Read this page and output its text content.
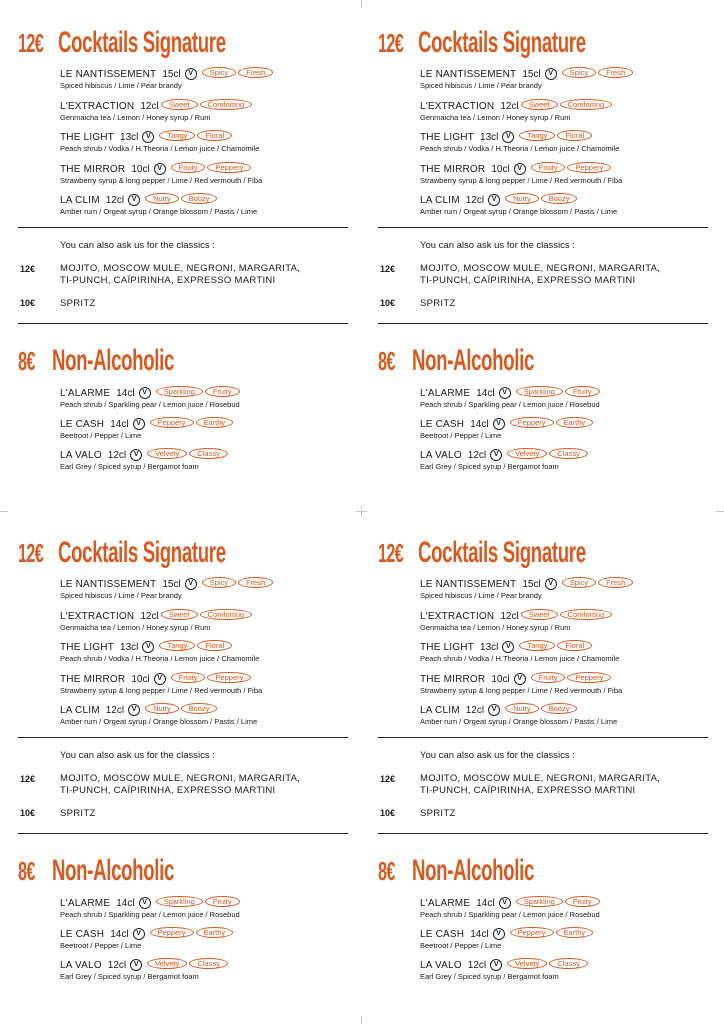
12€ Cocktails Signature
LE NANTISSEMENT 15cl V Spicy Fresh
Spiced hibiscus / Lime / Pear brandy
L'EXTRACTION 12cl Sweet Comforting
Genmaicha tea / Lemon / Honey syrup / Rum
THE LIGHT 13cl V Tangy Floral
Peach shrub / Vodka / H.Theoria / Lemon juice / Chamomile
THE MIRROR 10cl V Fruity Peppery
Strawberry syrup & long pepper / Lime / Red vermouth / Fiba
LA CLIM 12cl V Nutty Boozy
Amber rum / Orgeat syrup / Orange blossom / Pastis / Lime
You can also ask us for the classics :
12€	MOJITO, MOSCOW MULE, NEGRONI, MARGARITA,
TI-PUNCH, CAÏPIRINHA, EXPRESSO MARTINI
10€	SPRITZ
8€ Non-Alcoholic
L'ALARME 14cl V Sparkling Fruity
Peach shrub / Sparkling pear / Lemon juice / Rosebud
LE CASH 14cl V Peppery Earthy
Beetroot / Pepper / Lime
LA VALO 12cl V Velvety Classy
Earl Grey / Spiced syrup / Bergamot foam
12€ Cocktails Signature
LE NANTISSEMENT 15cl V Spicy Fresh
Spiced hibiscus / Lime / Pear brandy
L'EXTRACTION 12cl Sweet Comforting
Genmaicha tea / Lemon / Honey syrup / Rum
THE LIGHT 13cl V Tangy Floral
Peach shrub / Vodka / H.Theoria / Lemon juice / Chamomile
THE MIRROR 10cl V Fruity Peppery
Strawberry syrup & long pepper / Lime / Red vermouth / Fiba
LA CLIM 12cl V Nutty Boozy
Amber rum / Orgeat syrup / Orange blossom / Pastis / Lime
You can also ask us for the classics :
12€	MOJITO, MOSCOW MULE, NEGRONI, MARGARITA,
TI-PUNCH, CAÏPIRINHA, EXPRESSO MARTINI
10€	SPRITZ
8€ Non-Alcoholic
L'ALARME 14cl V Sparkling Fruity
Peach shrub / Sparkling pear / Lemon juice / Rosebud
LE CASH 14cl V Peppery Earthy
Beetroot / Pepper / Lime
LA VALO 12cl V Velvety Classy
Earl Grey / Spiced syrup / Bergamot foam
12€ Cocktails Signature
LE NANTISSEMENT 15cl V Spicy Fresh
Spiced hibiscus / Lime / Pear brandy
L'EXTRACTION 12cl Sweet Comforting
Genmaicha tea / Lemon / Honey syrup / Rum
THE LIGHT 13cl V Tangy Floral
Peach shrub / Vodka / H.Theoria / Lemon juice / Chamomile
THE MIRROR 10cl V Fruity Peppery
Strawberry syrup & long pepper / Lime / Red vermouth / Fiba
LA CLIM 12cl V Nutty Boozy
Amber rum / Orgeat syrup / Orange blossom / Pastis / Lime
You can also ask us for the classics :
12€	MOJITO, MOSCOW MULE, NEGRONI, MARGARITA,
TI-PUNCH, CAÏPIRINHA, EXPRESSO MARTINI
10€	SPRITZ
8€ Non-Alcoholic
L'ALARME 14cl V Sparkling Fruity
Peach shrub / Sparkling pear / Lemon juice / Rosebud
LE CASH 14cl V Peppery Earthy
Beetroot / Pepper / Lime
LA VALO 12cl V Velvety Classy
Earl Grey / Spiced syrup / Bergamot foam
12€ Cocktails Signature
LE NANTISSEMENT 15cl V Spicy Fresh
Spiced hibiscus / Lime / Pear brandy
L'EXTRACTION 12cl Sweet Comforting
Genmaicha tea / Lemon / Honey syrup / Rum
THE LIGHT 13cl V Tangy Floral
Peach shrub / Vodka / H.Theoria / Lemon juice / Chamomile
THE MIRROR 10cl V Fruity Peppery
Strawberry syrup & long pepper / Lime / Red vermouth / Fiba
LA CLIM 12cl V Nutty Boozy
Amber rum / Orgeat syrup / Orange blossom / Pastis / Lime
You can also ask us for the classics :
12€	MOJITO, MOSCOW MULE, NEGRONI, MARGARITA,
TI-PUNCH, CAÏPIRINHA, EXPRESSO MARTINI
10€	SPRITZ
8€ Non-Alcoholic
L'ALARME 14cl V Sparkling Fruity
Peach shrub / Sparkling pear / Lemon juice / Rosebud
LE CASH 14cl V Peppery Earthy
Beetroot / Pepper / Lime
LA VALO 12cl V Velvety Classy
Earl Grey / Spiced syrup / Bergamot foam
